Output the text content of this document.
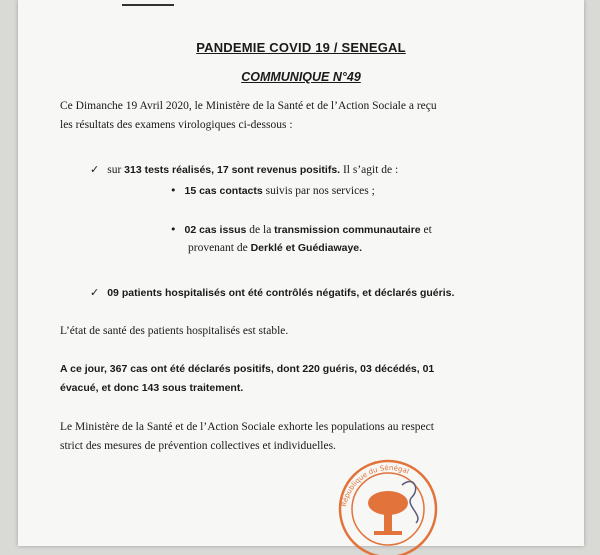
PANDEMIE COVID 19 / SENEGAL
COMMUNIQUE N°49

Ce Dimanche 19 Avril 2020, le Ministère de la Santé et de l’Action Sociale a reçu

les résultats des examens virologiques ci-dessous :

✓ sur 313 tests réalisés, 17 sont revenus positifs. Il s’agit de :

• 15 cas contacts suivis par nos services ;

• 02 cas issus de la transmission communautaire et

provenant de Derklé et Guédiawaye.

✓ 09 patients hospitalisés ont été contrôlés négatifs, et déclarés guéris.

L’état de santé des patients hospitalisés est stable.

A ce jour, 367 cas ont été déclarés positifs, dont 220 guéris, 03 décédés, 01

évacué, et donc 143 sous traitement.

Le Ministère de la Santé et de l’Action Sociale exhorte les populations au respect

strict des mesures de prévention collectives et individuelles.

République du Sénégal
